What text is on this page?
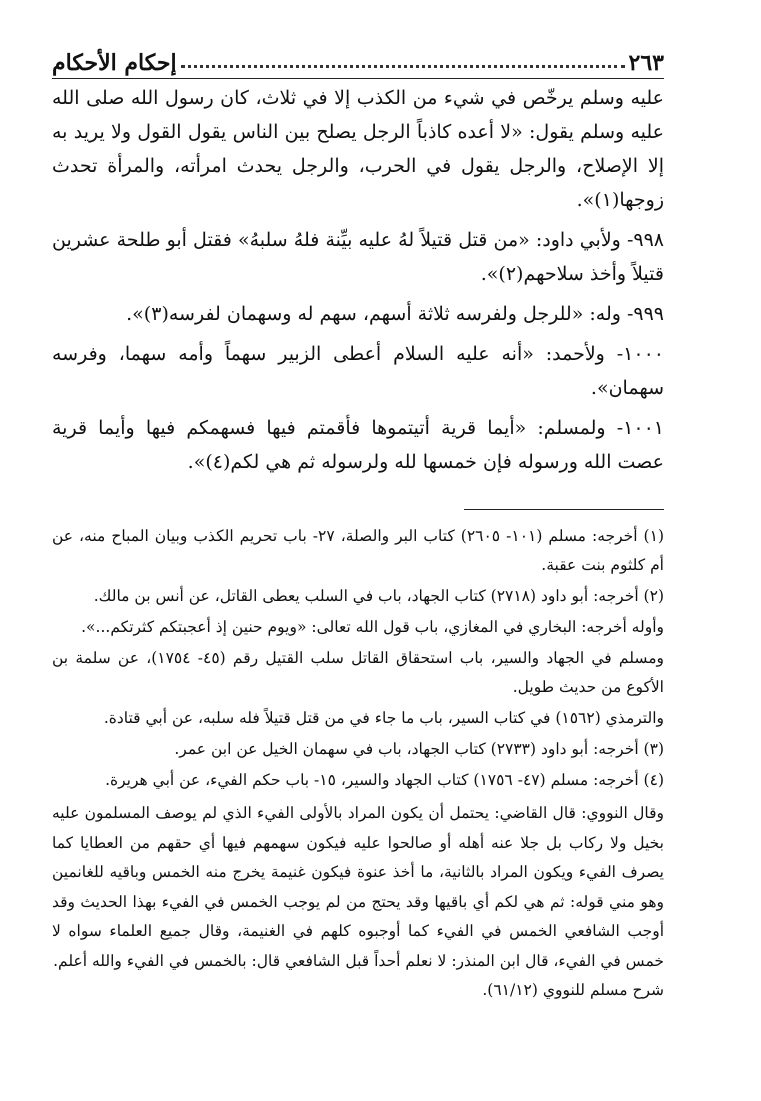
٢٦٣
إحكام الأحكام

عليه وسلم يرخّص في شيء من الكذب إلا في ثلاث، كان رسول الله صلى الله عليه وسلم يقول: «لا أعده كاذباً الرجل يصلح بين الناس يقول القول ولا يريد به إلا الإصلاح، والرجل يقول في الحرب، والرجل يحدث امرأته، والمرأة تحدث زوجها(١)».

٩٩٨- ولأبي داود: «من قتل قتيلاً لهُ عليه بيِّنة فلهُ سلبهُ» فقتل أبو طلحة عشرين قتيلاً وأخذ سلاحهم(٢)».

٩٩٩- وله: «للرجل ولفرسه ثلاثة أسهم، سهم له وسهمان لفرسه(٣)».

١٠٠٠- ولأحمد: «أنه عليه السلام أعطى الزبير سهماً وأمه سهما، وفرسه سهمان».

١٠٠١- ولمسلم: «أيما قرية أتيتموها فأقمتم فيها فسهمكم فيها وأيما قرية عصت الله ورسوله فإن خمسها لله ولرسوله ثم هي لكم(٤)».

(١) أخرجه: مسلم (١٠١- ٢٦٠٥) كتاب البر والصلة، ٢٧- باب تحريم الكذب وبيان المباح منه، عن أم كلثوم بنت عقبة.

(٢) أخرجه: أبو داود (٢٧١٨) كتاب الجهاد، باب في السلب يعطى القاتل، عن أنس بن مالك.

وأوله أخرجه: البخاري في المغازي، باب قول الله تعالى: «ويوم حنين إذ أعجبتكم كثرتكم...».

ومسلم في الجهاد والسير، باب استحقاق القاتل سلب القتيل رقم (٤٥- ١٧٥٤)، عن سلمة بن الأكوع من حديث طويل.

والترمذي (١٥٦٢) في كتاب السير، باب ما جاء في من قتل قتيلاً فله سلبه، عن أبي قتادة.

(٣) أخرجه: أبو داود (٢٧٣٣) كتاب الجهاد، باب في سهمان الخيل عن ابن عمر.

(٤) أخرجه: مسلم (٤٧- ١٧٥٦) كتاب الجهاد والسير، ١٥- باب حكم الفيء، عن أبي هريرة.

وقال النووي: قال القاضي: يحتمل أن يكون المراد بالأولى الفيء الذي لم يوصف المسلمون عليه بخيل ولا ركاب بل جلا عنه أهله أو صالحوا عليه فيكون سهمهم فيها أي حقهم من العطايا كما يصرف الفيء ويكون المراد بالثانية، ما أخذ عنوة فيكون غنيمة يخرج منه الخمس وباقيه للغانمين وهو مني قوله: ثم هي لكم أي باقيها وقد يحتج من لم يوجب الخمس في الفيء بهذا الحديث وقد أوجب الشافعي الخمس في الفيء كما أوجبوه كلهم في الغنيمة، وقال جميع العلماء سواه لا خمس في الفيء، قال ابن المنذر: لا نعلم أحداً قبل الشافعي قال: بالخمس في الفيء والله أعلم.

شرح مسلم للنووي (٦١/١٢).
